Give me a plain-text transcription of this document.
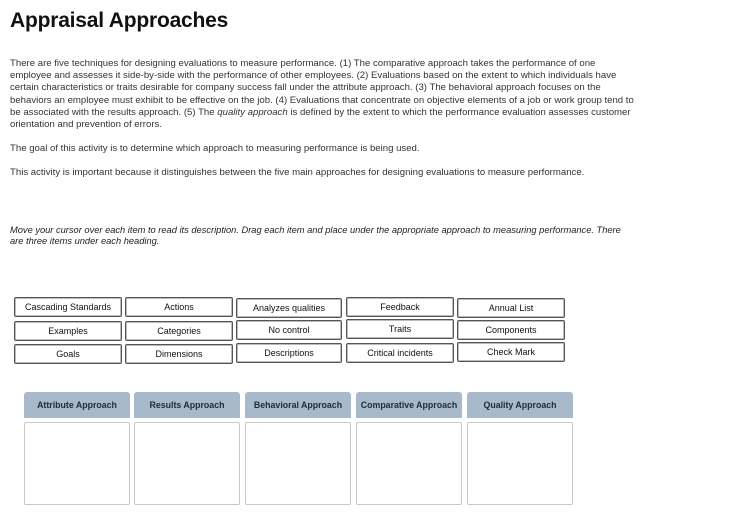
Appraisal Approaches

There are five techniques for designing evaluations to measure performance. (1) The comparative approach takes the performance of one employee and assesses it side-by-side with the performance of other employees. (2) Evaluations based on the extent to which individuals have certain characteristics or traits desirable for company success fall under the attribute approach. (3) The behavioral approach focuses on the behaviors an employee must exhibit to be effective on the job. (4) Evaluations that concentrate on objective elements of a job or work group tend to be associated with the results approach. (5) The quality approach is defined by the extent to which the performance evaluation assesses customer orientation and prevention of errors.

The goal of this activity is to determine which approach to measuring performance is being used.

This activity is important because it distinguishes between the five main approaches for designing evaluations to measure performance.

Move your cursor over each item to read its description. Drag each item and place under the appropriate approach to measuring performance. There are three items under each heading.

Cascading Standards	Actions	Analyzes qualities	Feedback	Annual List
Examples	Categories	No control	Traits	Components
Goals	Dimensions	Descriptions	Critical incidents	Check Mark
Attribute Approach	Results Approach	Behavioral Approach	Comparative Approach	Quality Approach
